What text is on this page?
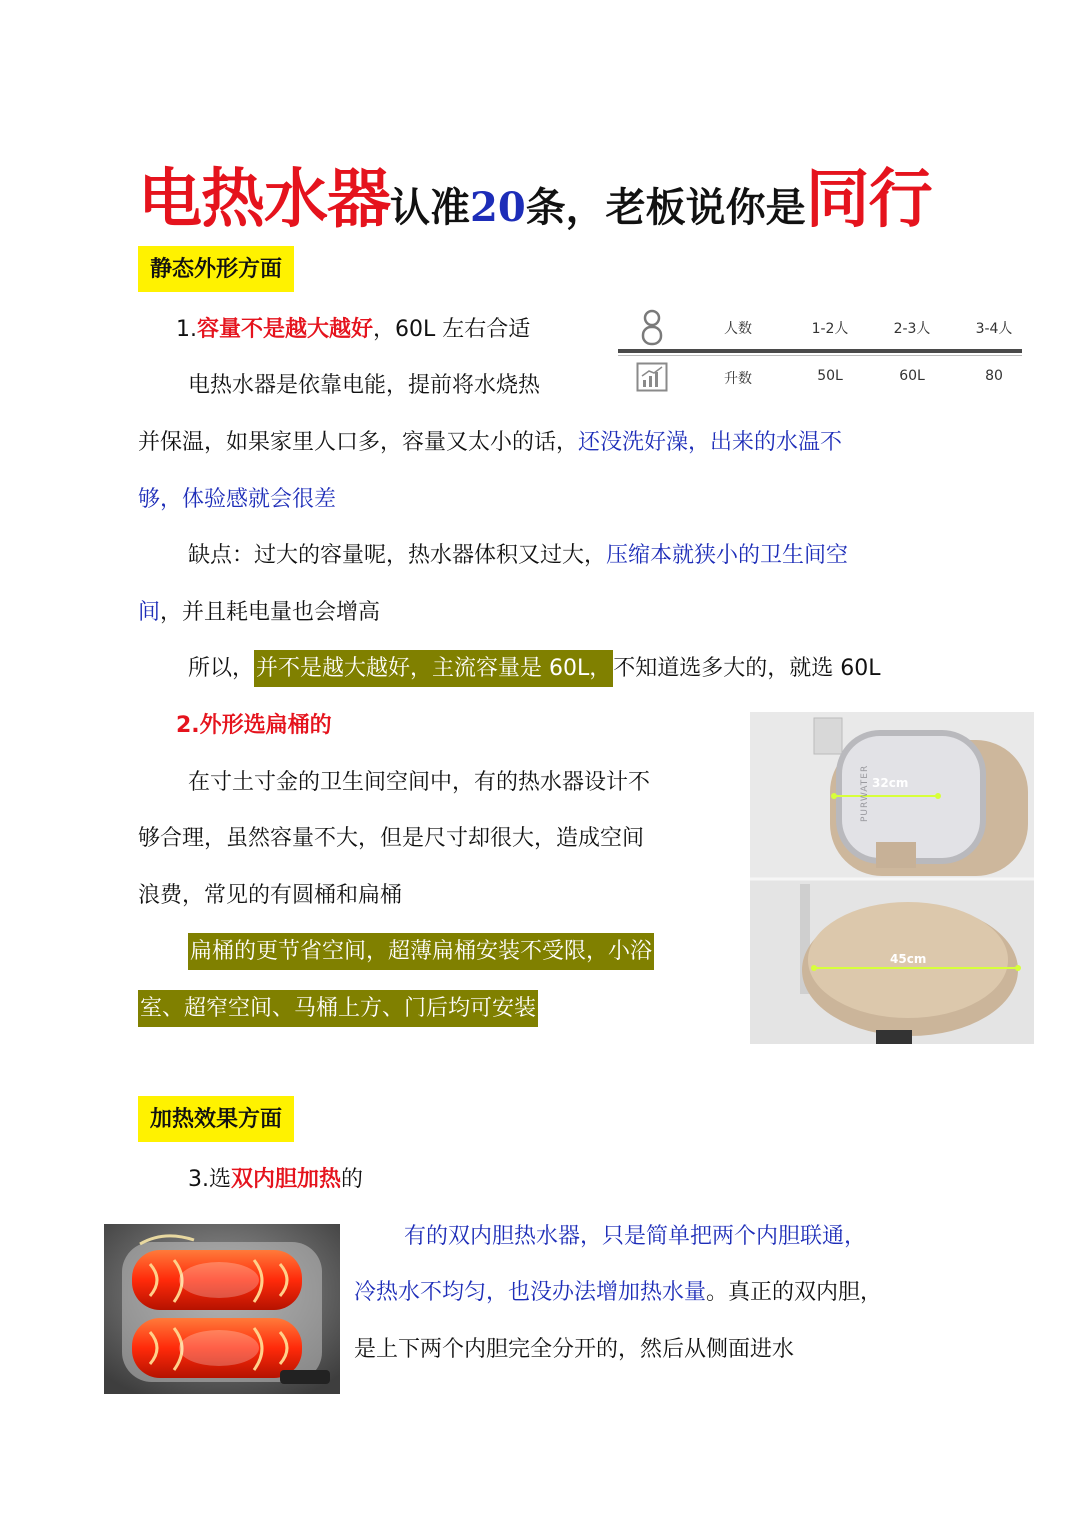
电热水器认准20条，老板说你是同行
静态外形方面
1.容量不是越大越好，60L 左右合适	人数	1-2人	2-3人	3-4人
升数	50L	60L	80
电热水器是依靠电能，提前将水烧热
并保温，如果家里人口多，容量又太小的话，还没洗好澡，出来的水温不
够，体验感就会很差
缺点：过大的容量呢，热水器体积又过大，压缩本就狭小的卫生间空
间，并且耗电量也会增高
所以，并不是越大越好，主流容量是 60L，不知道选多大的，就选 60L
2.外形选扁桶的
在寸土寸金的卫生间空间中，有的热水器设计不
够合理，虽然容量不大，但是尺寸却很大，造成空间
浪费，常见的有圆桶和扁桶
扁桶的更节省空间，超薄扁桶安装不受限，小浴
室、超窄空间、马桶上方、门后均可安装
32cm
45cm
PURWATER
加热效果方面
3.选双内胆加热的
有的双内胆热水器，只是简单把两个内胆联通，
冷热水不均匀，也没办法增加热水量。真正的双内胆，
是上下两个内胆完全分开的，然后从侧面进水
